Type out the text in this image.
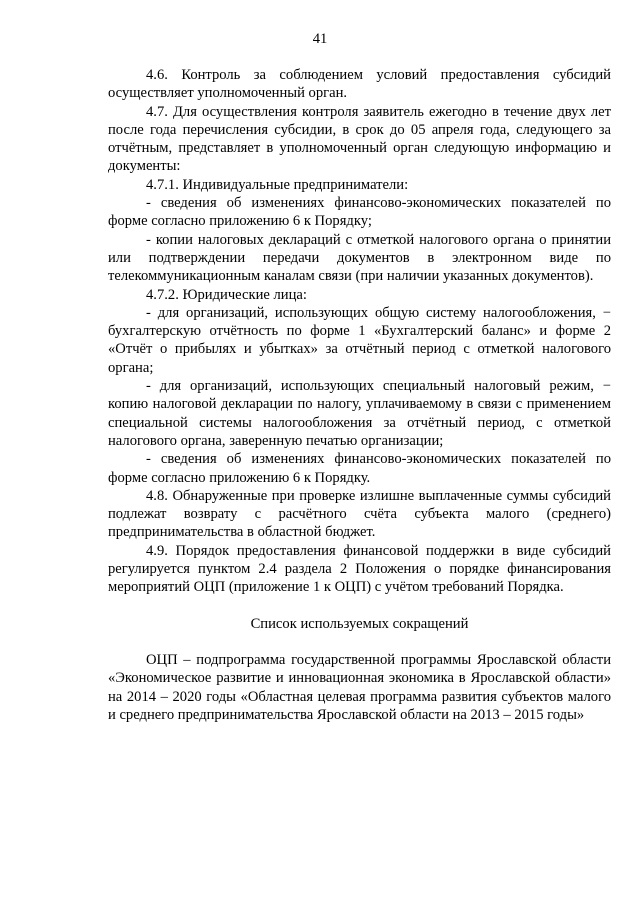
41

4.6. Контроль за соблюдением условий предоставления субсидий осуществляет уполномоченный орган.

4.7. Для осуществления контроля заявитель ежегодно в течение двух лет после года перечисления субсидии, в срок до 05 апреля года, следующего за отчётным, представляет в уполномоченный орган следующую информацию и документы:

4.7.1. Индивидуальные предприниматели:

- сведения об изменениях финансово-экономических показателей по форме согласно приложению 6 к Порядку;

- копии налоговых деклараций с отметкой налогового органа о принятии или подтверждении передачи документов в электронном виде по телекоммуникационным каналам связи (при наличии указанных документов).

4.7.2. Юридические лица:

- для организаций, использующих общую систему налогообложения, − бухгалтерскую отчётность по форме 1 «Бухгалтерский баланс» и форме 2 «Отчёт о прибылях и убытках» за отчётный период с отметкой налогового органа;

- для организаций, использующих специальный налоговый режим, − копию налоговой декларации по налогу, уплачиваемому в связи с применением специальной системы налогообложения за отчётный период, с отметкой налогового органа, заверенную печатью организации;

- сведения об изменениях финансово-экономических показателей по форме согласно приложению 6 к Порядку.

4.8. Обнаруженные при проверке излишне выплаченные суммы субсидий подлежат возврату с расчётного счёта субъекта малого (среднего) предпринимательства в областной бюджет.

4.9. Порядок предоставления финансовой поддержки в виде субсидий регулируется пунктом 2.4 раздела 2 Положения о порядке финансирования мероприятий ОЦП (приложение 1 к ОЦП) с учётом требований Порядка.

Список используемых сокращений

ОЦП – подпрограмма государственной программы Ярославской области «Экономическое развитие и инновационная экономика в Ярославской области» на 2014 – 2020 годы «Областная целевая программа развития субъектов малого и среднего предпринимательства Ярославской области на 2013 – 2015 годы»
